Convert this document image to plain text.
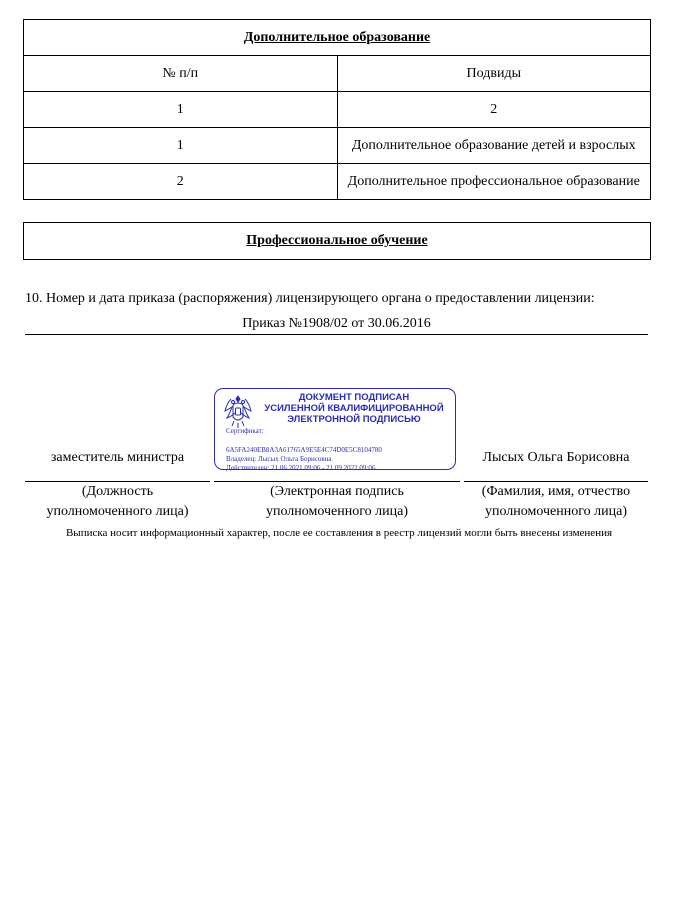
Дополнительное образование	
№ п/п	Подвиды
1	2
1	Дополнительное образование детей и взрослых
2	Дополнительное профессиональное образование
Профессиональное обучение
10. Номер и дата приказа (распоряжения) лицензирующего органа о предоставлении лицензии:
Приказ №1908/02 от 30.06.2016
заместитель министра	Лысых Ольга Борисовна
(Должность уполномоченного лица)
(Электронная подпись уполномоченного лица)
(Фамилия, имя, отчество уполномоченного лица)
ДОКУМЕНТ ПОДПИСАН
УСИЛЕННОЙ КВАЛИФИЦИРОВАННОЙ
ЭЛЕКТРОННОЙ ПОДПИСЬЮ
Сертификат:
6A5FA240EB8A3A61765A9E5E4C74D0E5C8104780
Владелец: Лысых Ольга Борисовна
Действителен: 21.06.2021 09:06 - 21.09.2022 09:06
Выписка носит информационный характер, после ее составления в реестр лицензий могли быть внесены изменения
